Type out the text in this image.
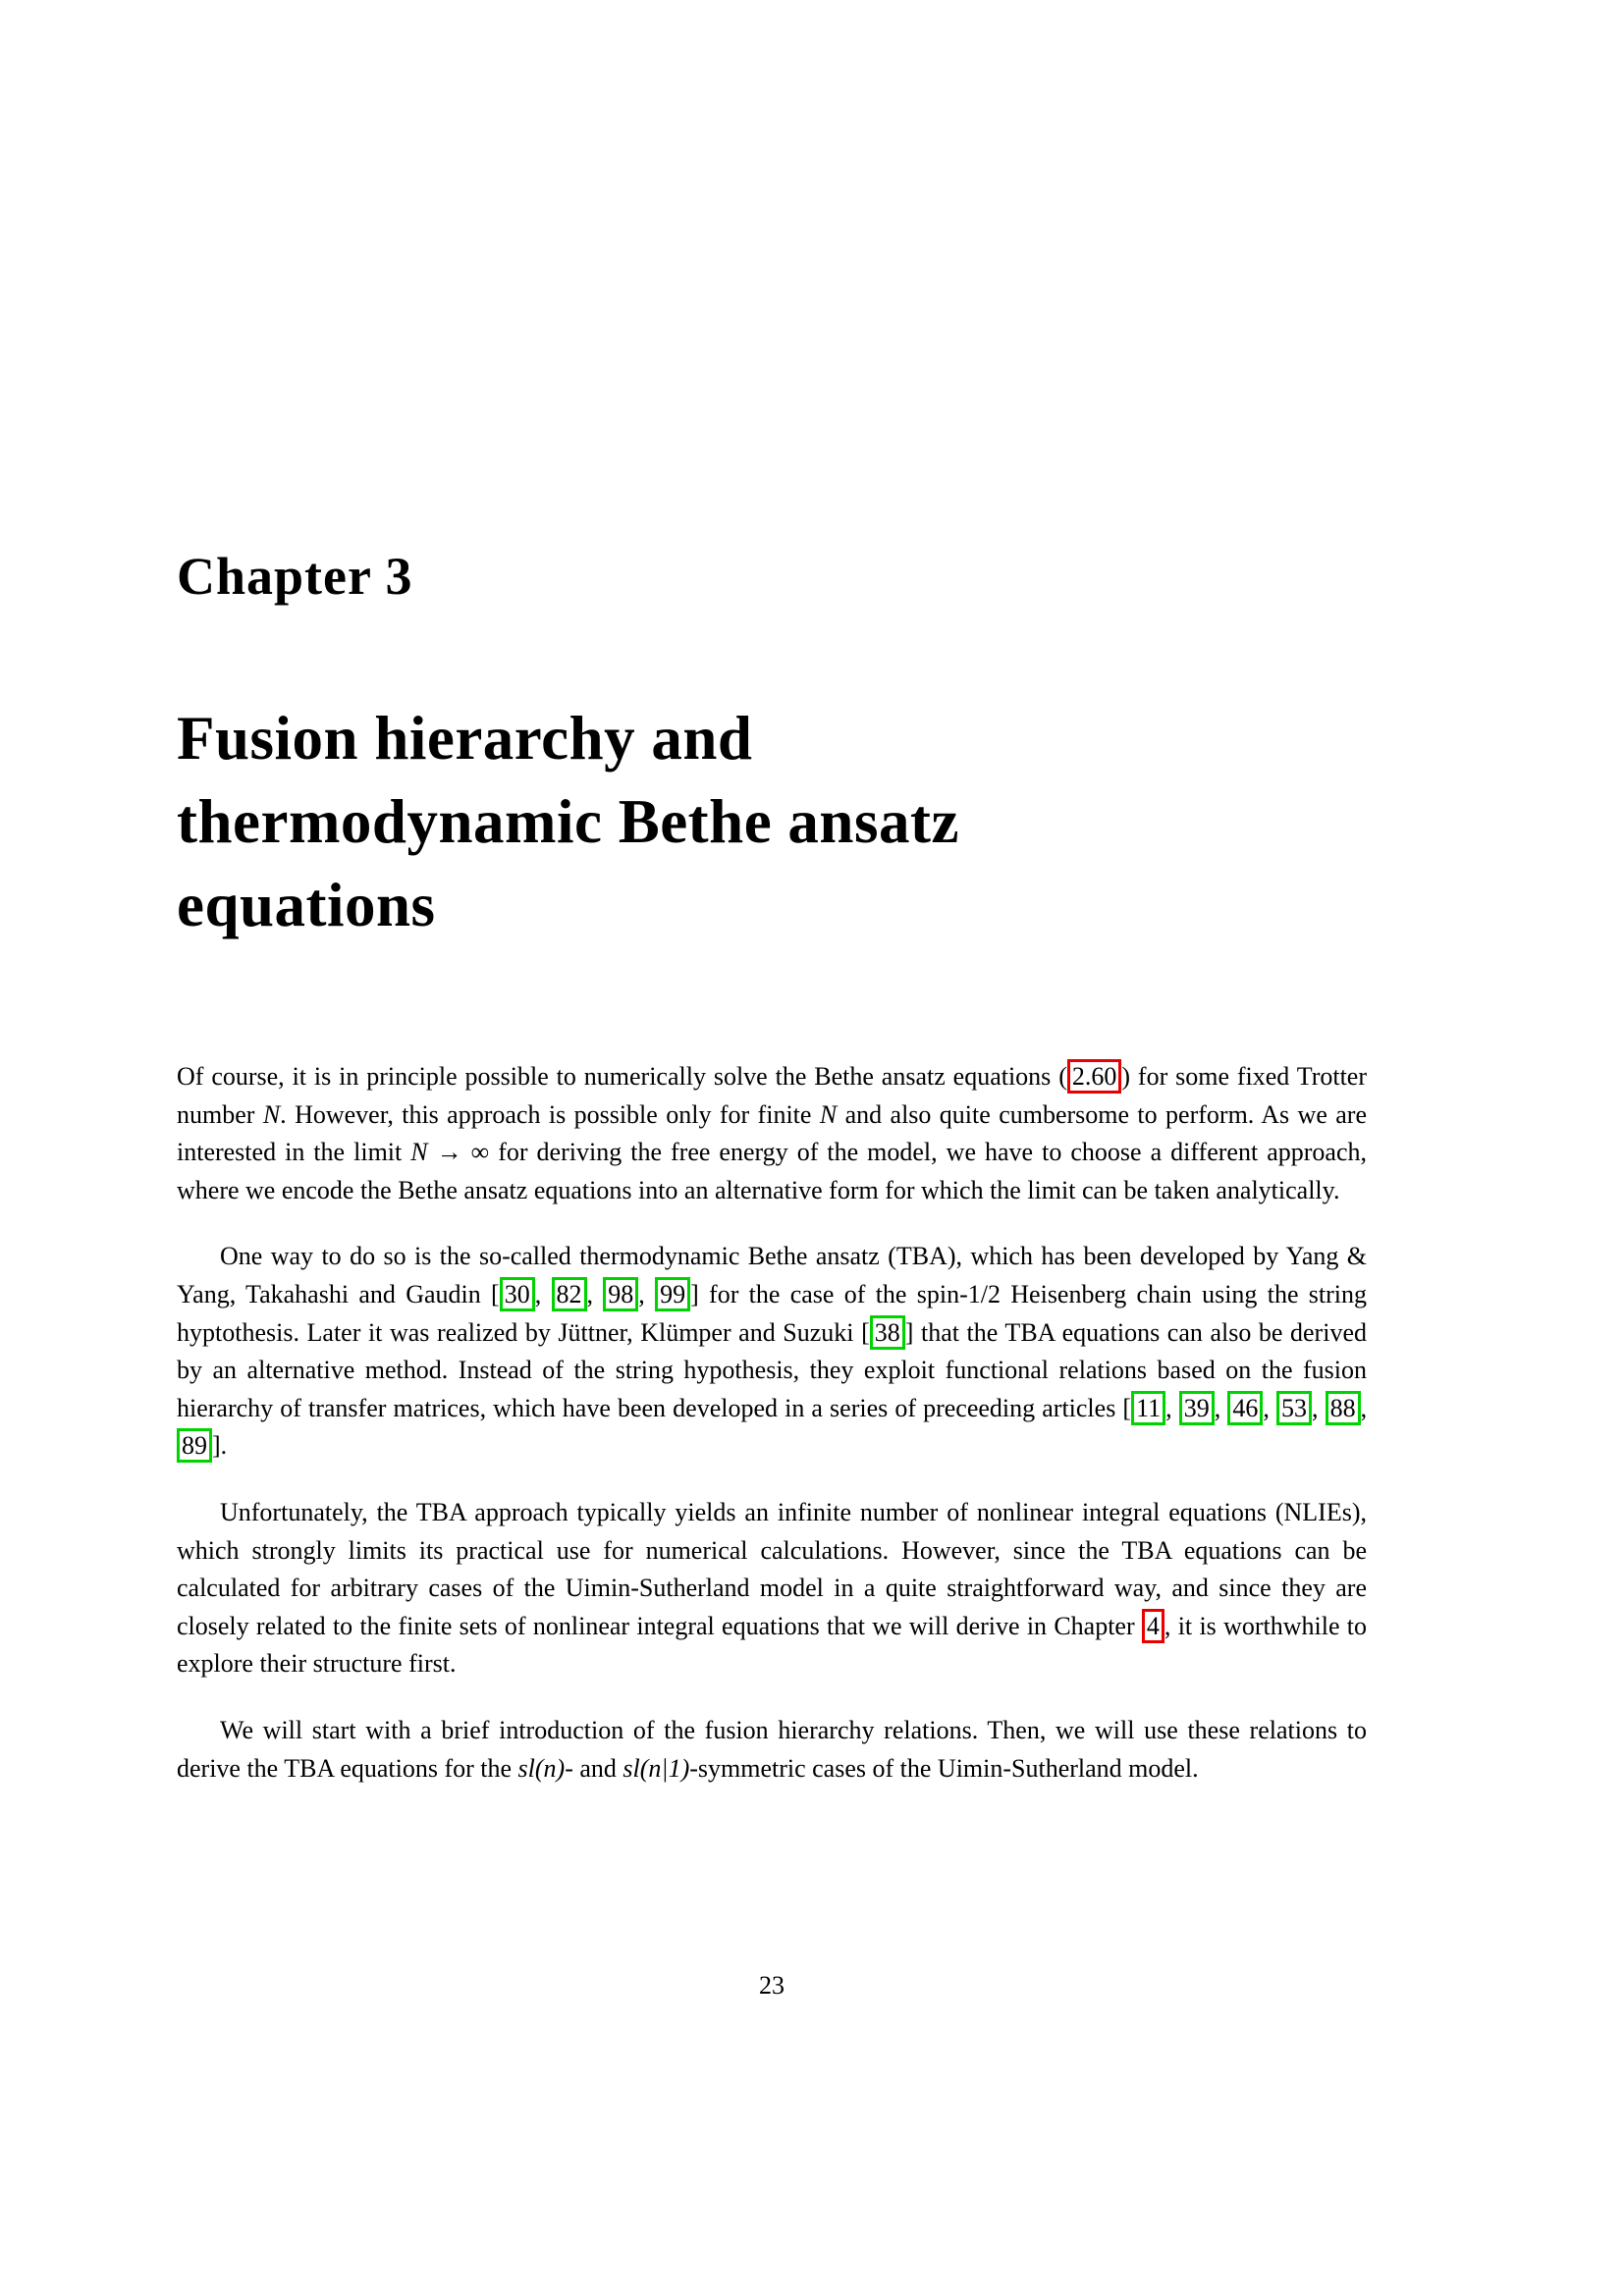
Chapter 3
Fusion hierarchy and
thermodynamic Bethe ansatz
equations

Of course, it is in principle possible to numerically solve the Bethe ansatz equations ( 2.60 ) for some fixed Trotter number N. However, this approach is possible only for finite N and also quite cumbersome to perform. As we are interested in the limit N → ∞ for deriving the free energy of the model, we have to choose a different approach, where we encode the Bethe ansatz equations into an alternative form for which the limit can be taken analytically.

One way to do so is the so-called thermodynamic Bethe ansatz (TBA), which has been developed by Yang & Yang, Takahashi and Gaudin [ 30 , 82 , 98 , 99 ] for the case of the spin-1/2 Heisenberg chain using the string hyptothesis. Later it was realized by Jüttner, Klümper and Suzuki [ 38 ] that the TBA equations can also be derived by an alternative method. Instead of the string hypothesis, they exploit functional relations based on the fusion hierarchy of transfer matrices, which have been developed in a series of preceeding articles [ 11 , 39 , 46 , 53 , 88 , 89 ].

Unfortunately, the TBA approach typically yields an infinite number of nonlinear integral equations (NLIEs), which strongly limits its practical use for numerical calculations. However, since the TBA equations can be calculated for arbitrary cases of the Uimin-Sutherland model in a quite straightforward way, and since they are closely related to the finite sets of nonlinear integral equations that we will derive in Chapter 4 , it is worthwhile to explore their structure first.

We will start with a brief introduction of the fusion hierarchy relations. Then, we will use these relations to derive the TBA equations for the sl(n)- and sl(n|1)-symmetric cases of the Uimin-Sutherland model.

23
